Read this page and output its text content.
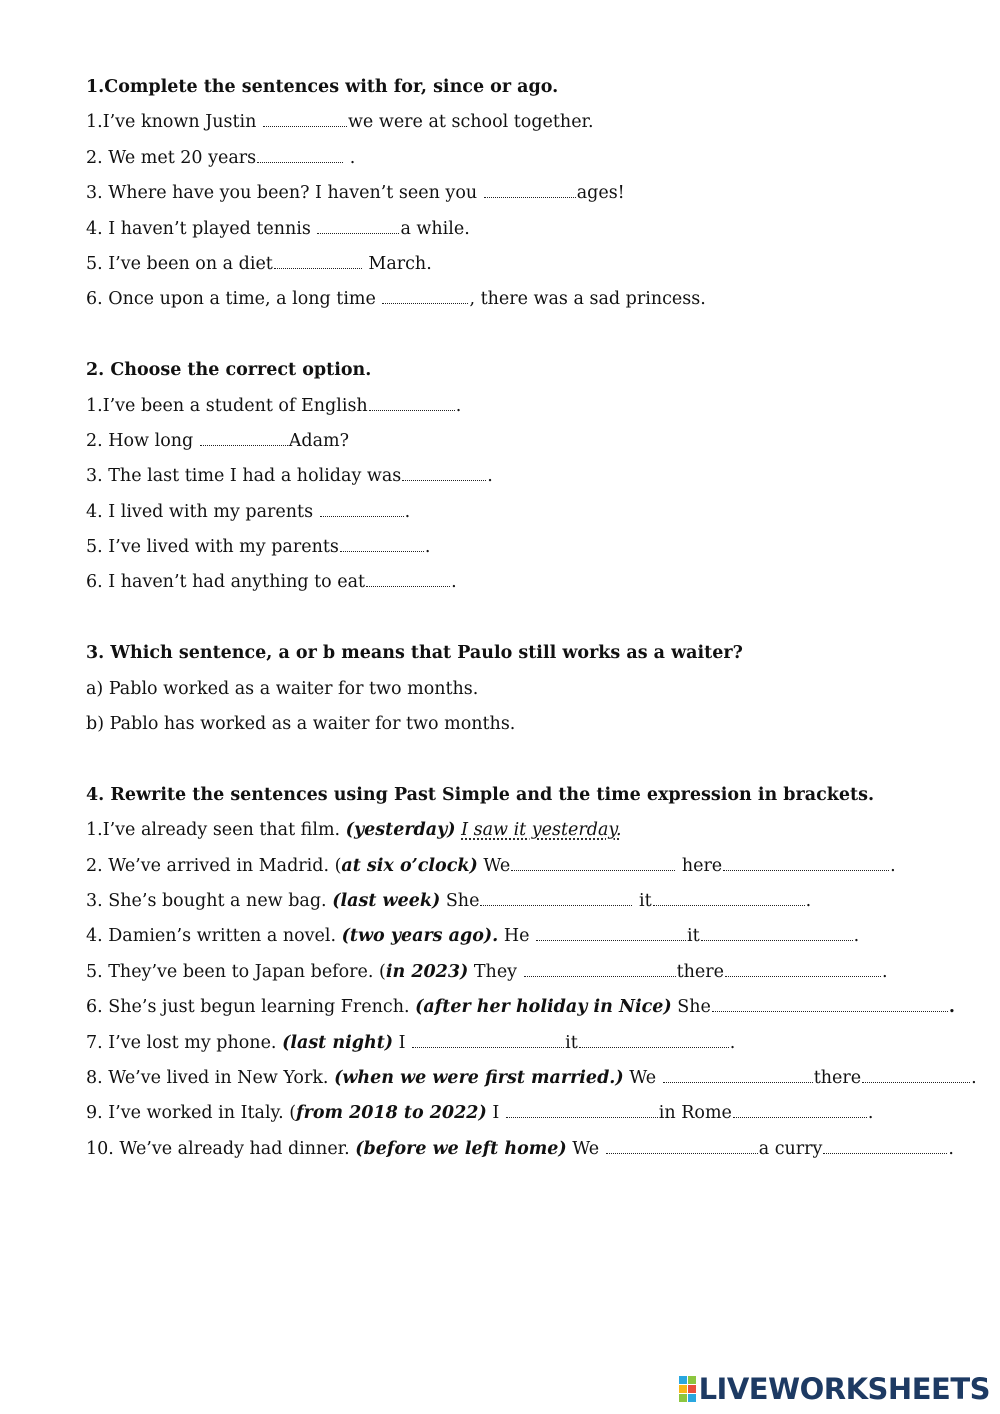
1.Complete the sentences with for, since or ago.
1.I’ve known Justin	we were at school together.
2. We met 20 years	.
3. Where have you been? I haven’t seen you	ages!
4. I haven’t played tennis	a while.
5. I’ve been on a diet	March.
6. Once upon a time, a long time	, there was a sad princess.
2. Choose the correct option.
1.I’ve been a student of English	.
2. How long	Adam?
3. The last time I had a holiday was	.
4. I lived with my parents	.
5. I’ve lived with my parents	.
6. I haven’t had anything to eat	.
3. Which sentence, a or b means that Paulo still works as a waiter?
a) Pablo worked as a waiter for two months.
b) Pablo has worked as a waiter for two months.
4. Rewrite the sentences using Past Simple and the time expression in brackets.
1.I’ve already seen that film. (yesterday) I saw it yesterday.
2. We’ve arrived in Madrid. (at six o’clock) We	here	.
3. She’s bought a new bag. (last week) She	it	.
4. Damien’s written a novel. (two years ago). He	it	.
5. They’ve been to Japan before. (in 2023) They	there	.
6. She’s just begun learning French. (after her holiday in Nice) She	.
7. I’ve lost my phone. (last night) I	it	.
8. We’ve lived in New York. (when we were first married.) We	there	.
9. I’ve worked in Italy. (from 2018 to 2022) I	in Rome	.
10. We’ve already had dinner. (before we left home) We	a curry	.
LIVEWORKSHEETS
